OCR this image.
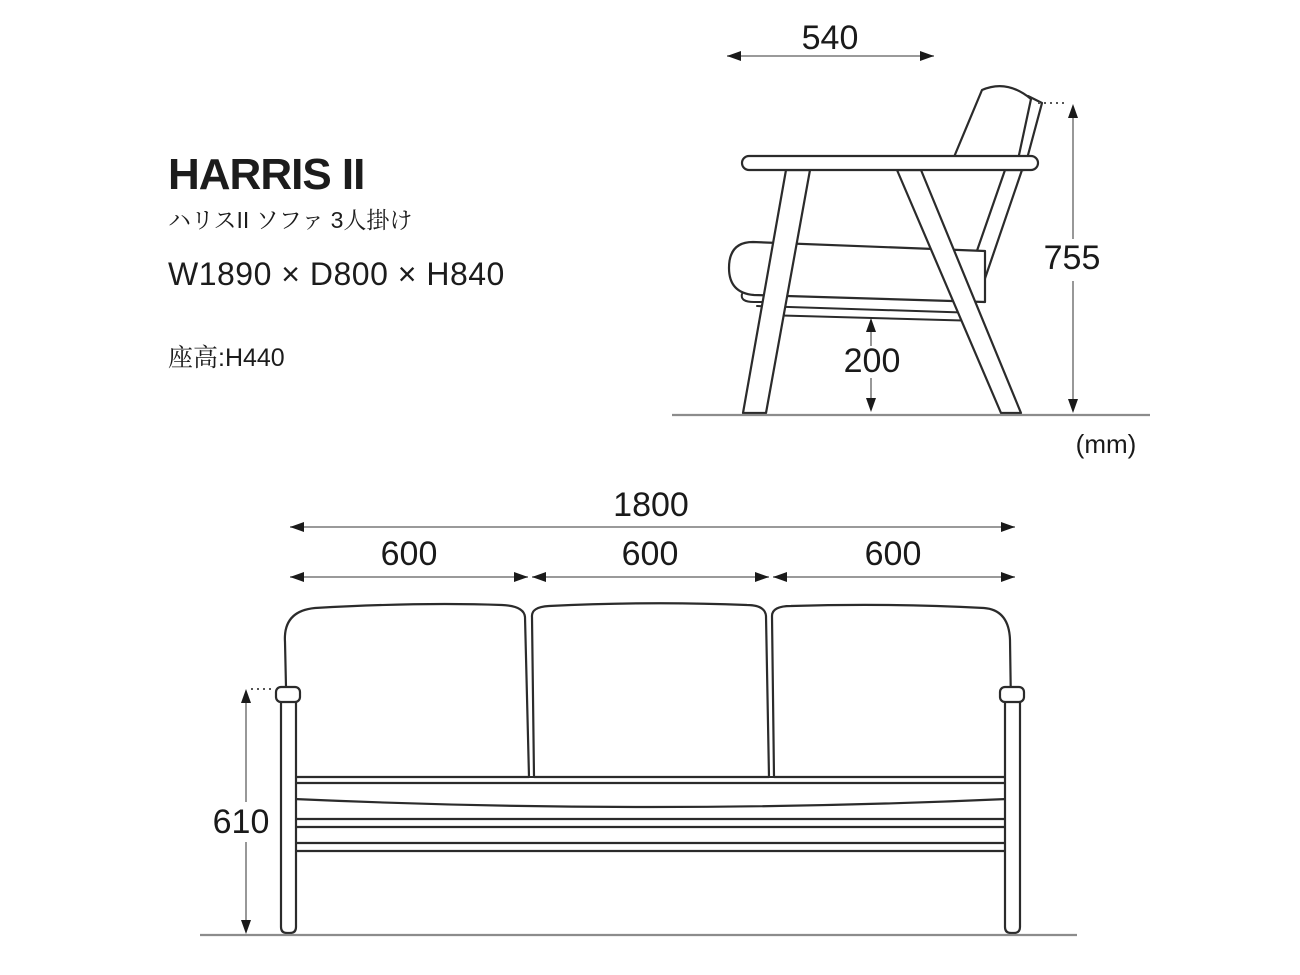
HARRIS II
ハリスII ソファ 3人掛け
W1890 × D800 × H840
座高:H440
540
755
200
(mm)
1800
600	600	600
610
